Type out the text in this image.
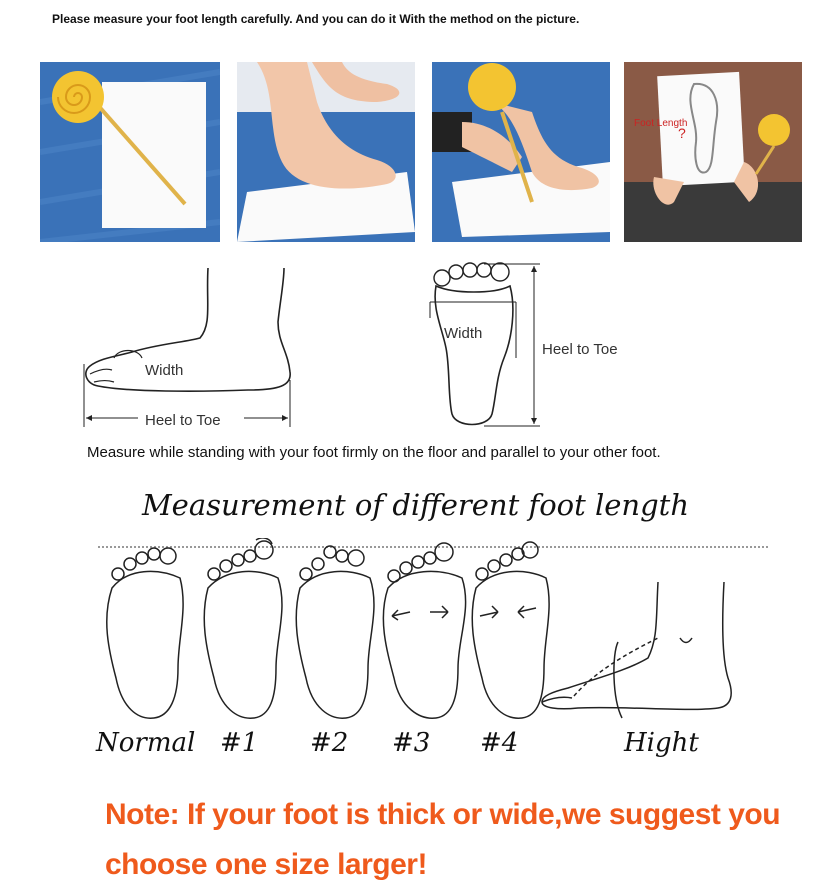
Please measure your foot length carefully. And you can do it With the method on the picture.
Foot Length
?
Width
Heel to Toe
Width
Heel to Toe
Measure while standing with your foot firmly on the floor and parallel to your other foot.
Measurement of different foot length
Normal #1 #2 #3 #4	Hight
Note: If your foot is thick or wide,we suggest you
choose one size larger!
